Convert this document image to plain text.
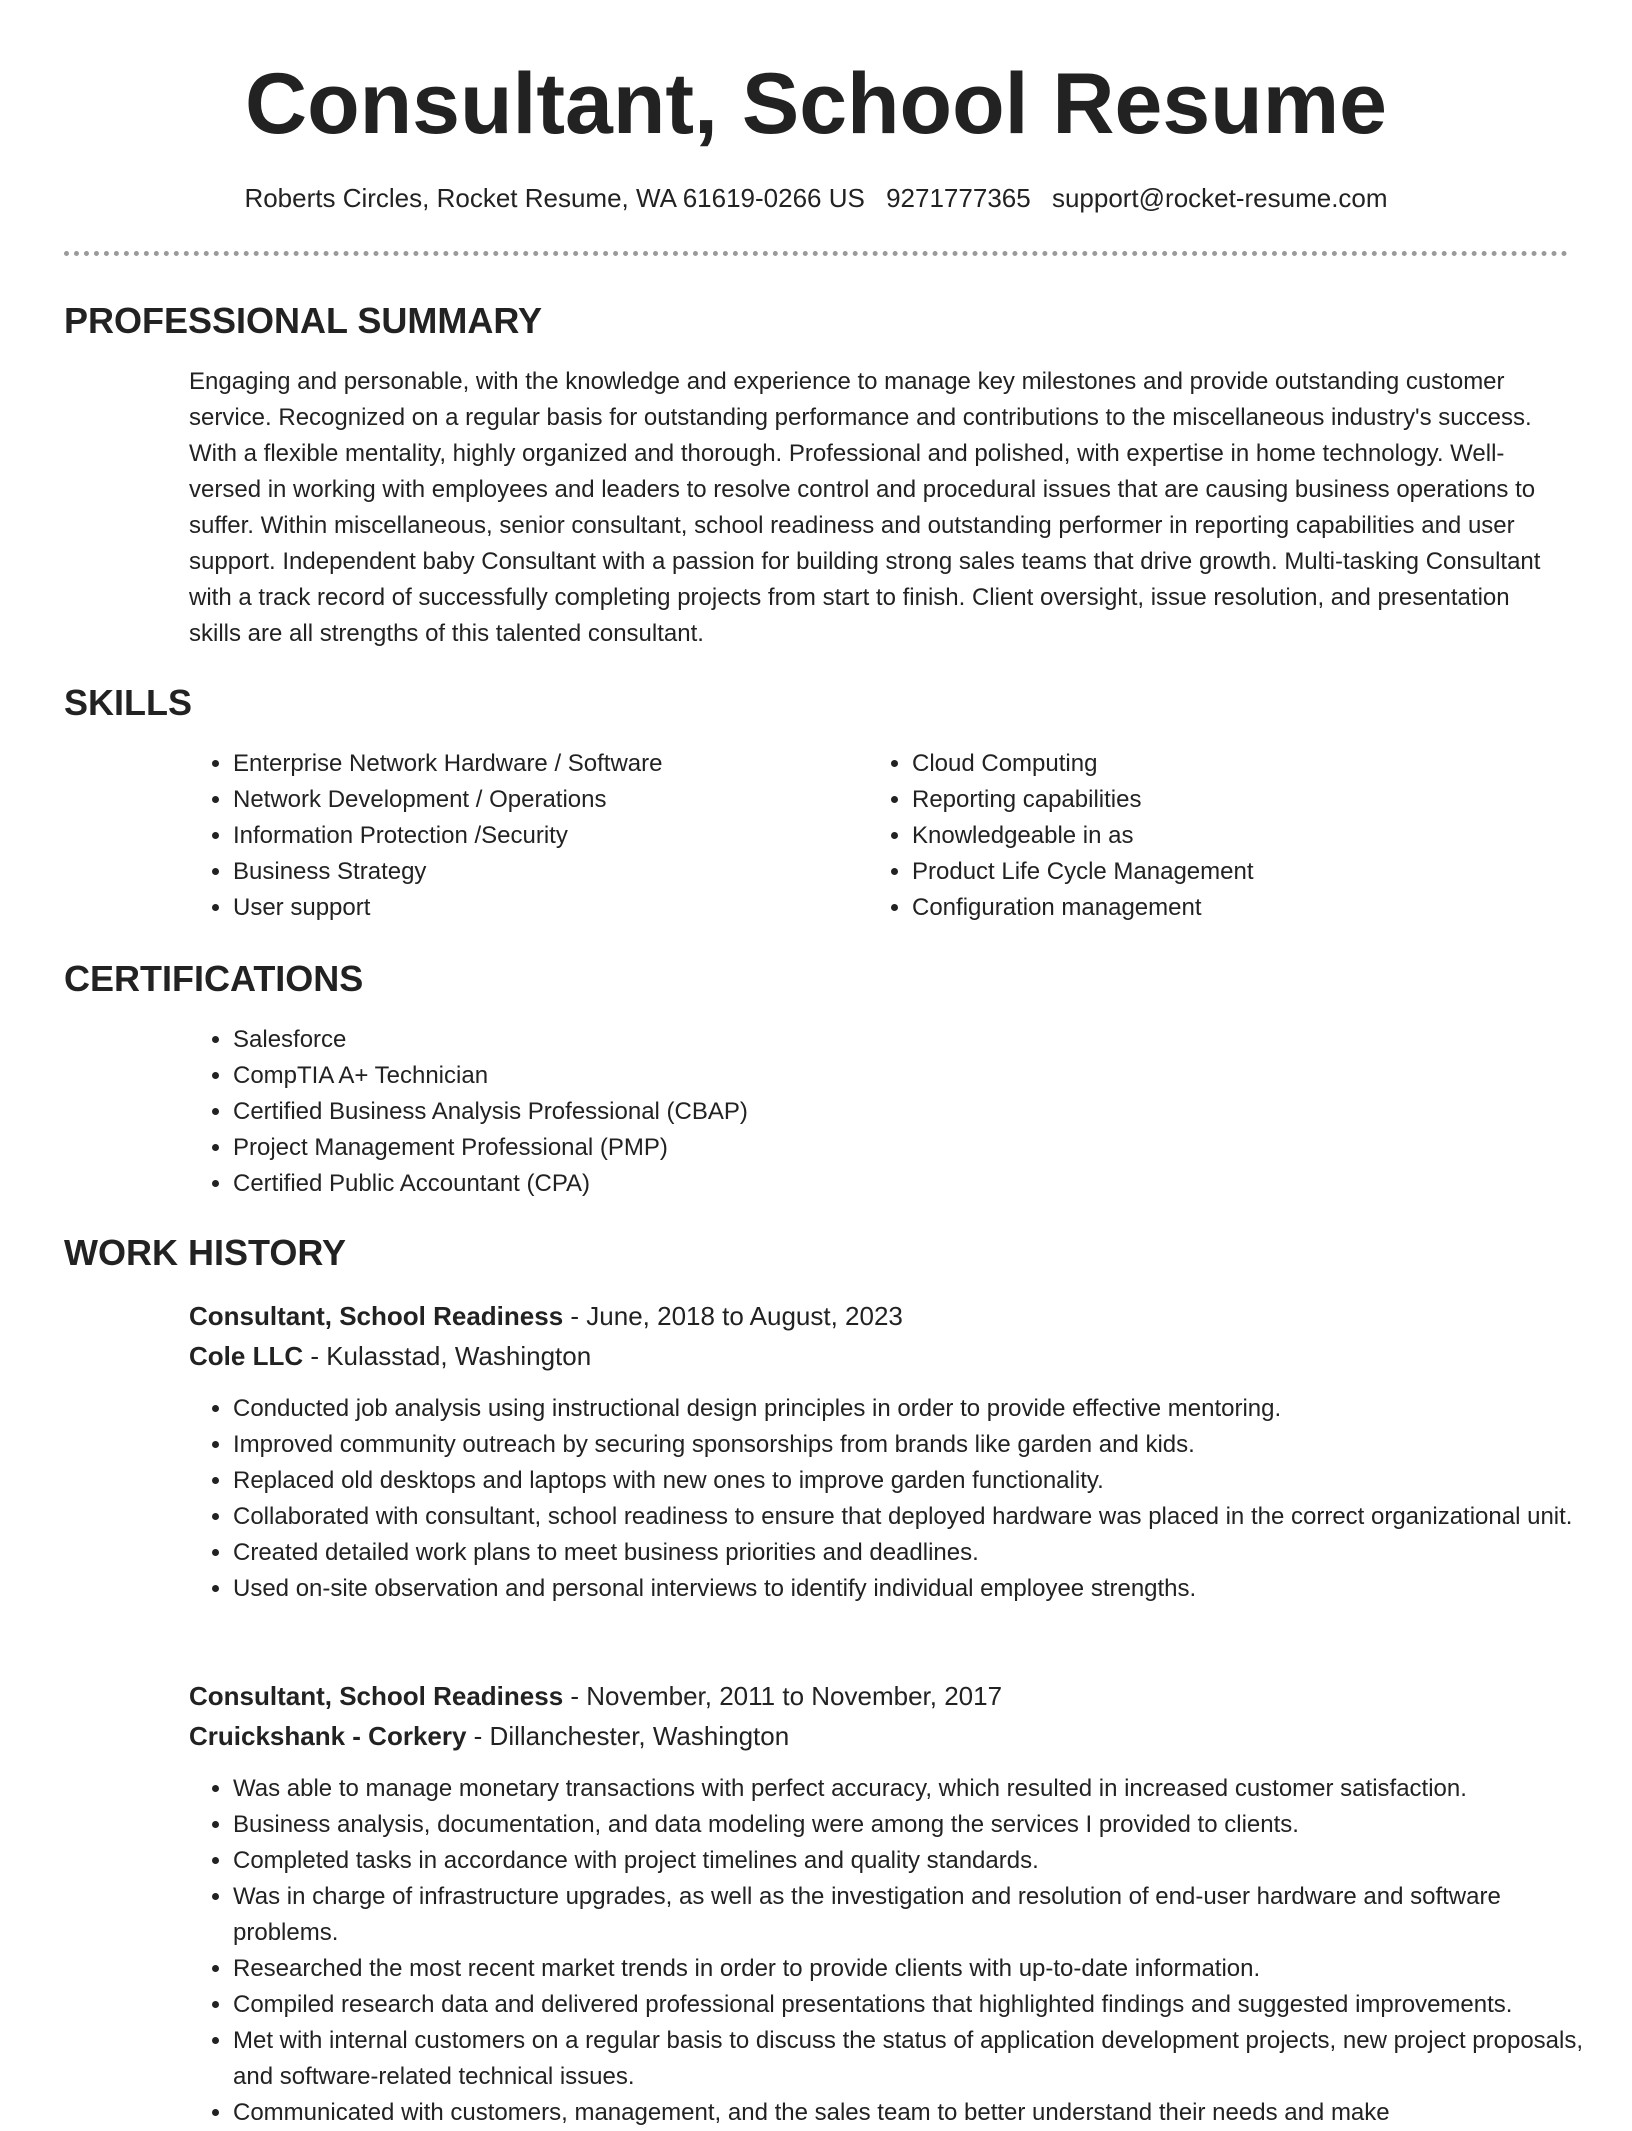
Consultant, School Resume
Roberts Circles, Rocket Resume, WA 61619-0266 US 9271777365 support@rocket-resume.com
PROFESSIONAL SUMMARY

Engaging and personable, with the knowledge and experience to manage key milestones and provide outstanding customer service. Recognized on a regular basis for outstanding performance and contributions to the miscellaneous industry's success. With a flexible mentality, highly organized and thorough. Professional and polished, with expertise in home technology. Well-versed in working with employees and leaders to resolve control and procedural issues that are causing business operations to suffer. Within miscellaneous, senior consultant, school readiness and outstanding performer in reporting capabilities and user support. Independent baby Consultant with a passion for building strong sales teams that drive growth. Multi-tasking Consultant with a track record of successfully completing projects from start to finish. Client oversight, issue resolution, and presentation skills are all strengths of this talented consultant.

SKILLS
• Enterprise Network Hardware / Software
• Network Development / Operations
• Information Protection /Security
• Business Strategy
• User support
• Cloud Computing
• Reporting capabilities
• Knowledgeable in as
• Product Life Cycle Management
• Configuration management
CERTIFICATIONS
• Salesforce
• CompTIA A+ Technician
• Certified Business Analysis Professional (CBAP)
• Project Management Professional (PMP)
• Certified Public Accountant (CPA)
WORK HISTORY
Consultant, School Readiness - June, 2018 to August, 2023
Cole LLC - Kulasstad, Washington
• Conducted job analysis using instructional design principles in order to provide effective mentoring.
• Improved community outreach by securing sponsorships from brands like garden and kids.
• Replaced old desktops and laptops with new ones to improve garden functionality.
• Collaborated with consultant, school readiness to ensure that deployed hardware was placed in the correct organizational unit.
• Created detailed work plans to meet business priorities and deadlines.
• Used on-site observation and personal interviews to identify individual employee strengths.
Consultant, School Readiness - November, 2011 to November, 2017
Cruickshank - Corkery - Dillanchester, Washington
• Was able to manage monetary transactions with perfect accuracy, which resulted in increased customer satisfaction.
• Business analysis, documentation, and data modeling were among the services I provided to clients.
• Completed tasks in accordance with project timelines and quality standards.
• Was in charge of infrastructure upgrades, as well as the investigation and resolution of end-user hardware and software problems.
• Researched the most recent market trends in order to provide clients with up-to-date information.
• Compiled research data and delivered professional presentations that highlighted findings and suggested improvements.
• Met with internal customers on a regular basis to discuss the status of application development projects, new project proposals, and software-related technical issues.
• Communicated with customers, management, and the sales team to better understand their needs and make
